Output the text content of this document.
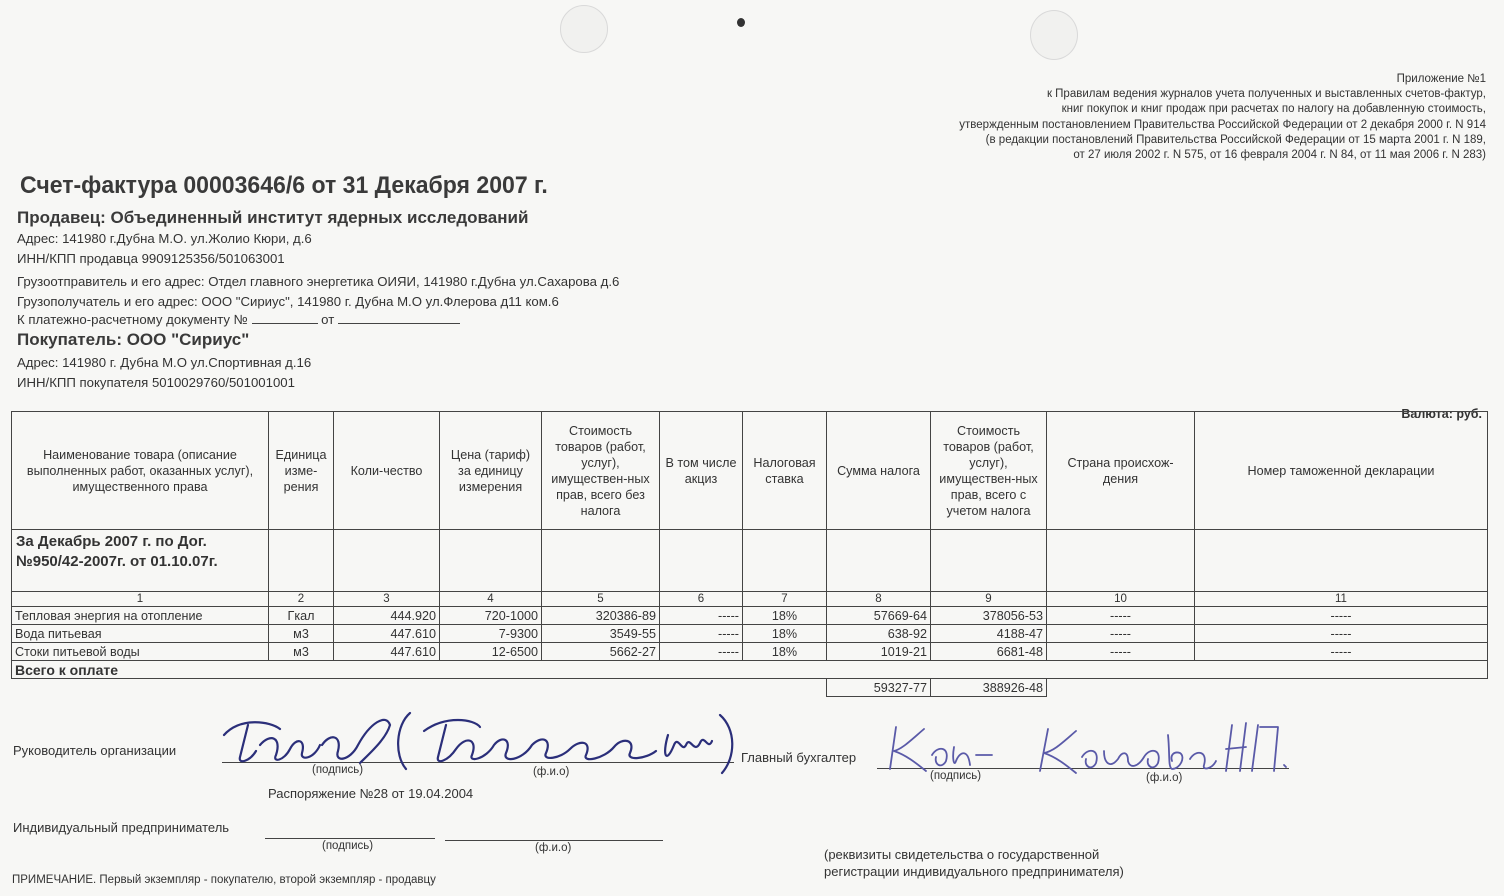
Приложение №1
к Правилам ведения журналов учета полученных и выставленных счетов-фактур,
книг покупок и книг продаж при расчетах по налогу на добавленную стоимость,
утвержденным постановлением Правительства Российской Федерации от 2 декабря 2000 г. N 914
(в редакции постановлений Правительства Российской Федерации от 15 марта 2001 г. N 189,
от 27 июля 2002 г. N 575, от 16 февраля 2004 г. N 84, от 11 мая 2006 г. N 283)
Счет-фактура 00003646/6 от 31 Декабря 2007 г.
Продавец: Объединенный институт ядерных исследований
Адрес: 141980 г.Дубна М.О. ул.Жолио Кюри, д.6
ИНН/КПП продавца 9909125356/501063001
Грузоотправитель и его адрес: Отдел главного энергетика ОИЯИ, 141980 г.Дубна ул.Сахарова д.6
Грузополучатель и его адрес: ООО "Сириус", 141980 г. Дубна М.О ул.Флерова д11 ком.6
К платежно-расчетному документу №	от
Покупатель: ООО "Сириус"
Адрес: 141980 г. Дубна М.О ул.Спортивная д.16
ИНН/КПП покупателя 5010029760/501001001
Валюта: руб.
Наименование товара (описание выполненных работ, оказанных услуг), имущественного права	Единица изме-рения	Коли-чество	Цена (тариф) за единицу измерения	Стоимость товаров (работ, услуг), имуществен-ных прав, всего без налога	В том числе акциз	Налоговая ставка	Сумма налога	Стоимость товаров (работ, услуг), имуществен-ных прав, всего с учетом налога	Страна происхож-дения	Номер таможенной декларации
За Декабрь 2007 г. по Дог.№950/42-2007г. от 01.10.07г.										
1	2	3	4	5	6	7	8	9	10	11
Тепловая энергия на отопление	Гкал	444.920	720-1000	320386-89	-----	18%	57669-64	378056-53	-----	-----
Вода питьевая	м3	447.610	7-9300	3549-55	-----	18%	638-92	4188-47	-----	-----
Стоки питьевой воды	м3	447.610	12-6500	5662-27	-----	18%	1019-21	6681-48	-----	-----
Всего к оплате										
							59327-77	388926-48		
Руководитель организации
(подпись)	(ф.и.о)
Распоряжение №28 от 19.04.2004
Главный бухгалтер
(подпись)	(ф.и.о)
Индивидуальный предприниматель
(подпись)	(ф.и.о)	(реквизиты свидетельства о государственной регистрации индивидуального предпринимателя)
ПРИМЕЧАНИЕ. Первый экземпляр - покупателю, второй экземпляр - продавцу
